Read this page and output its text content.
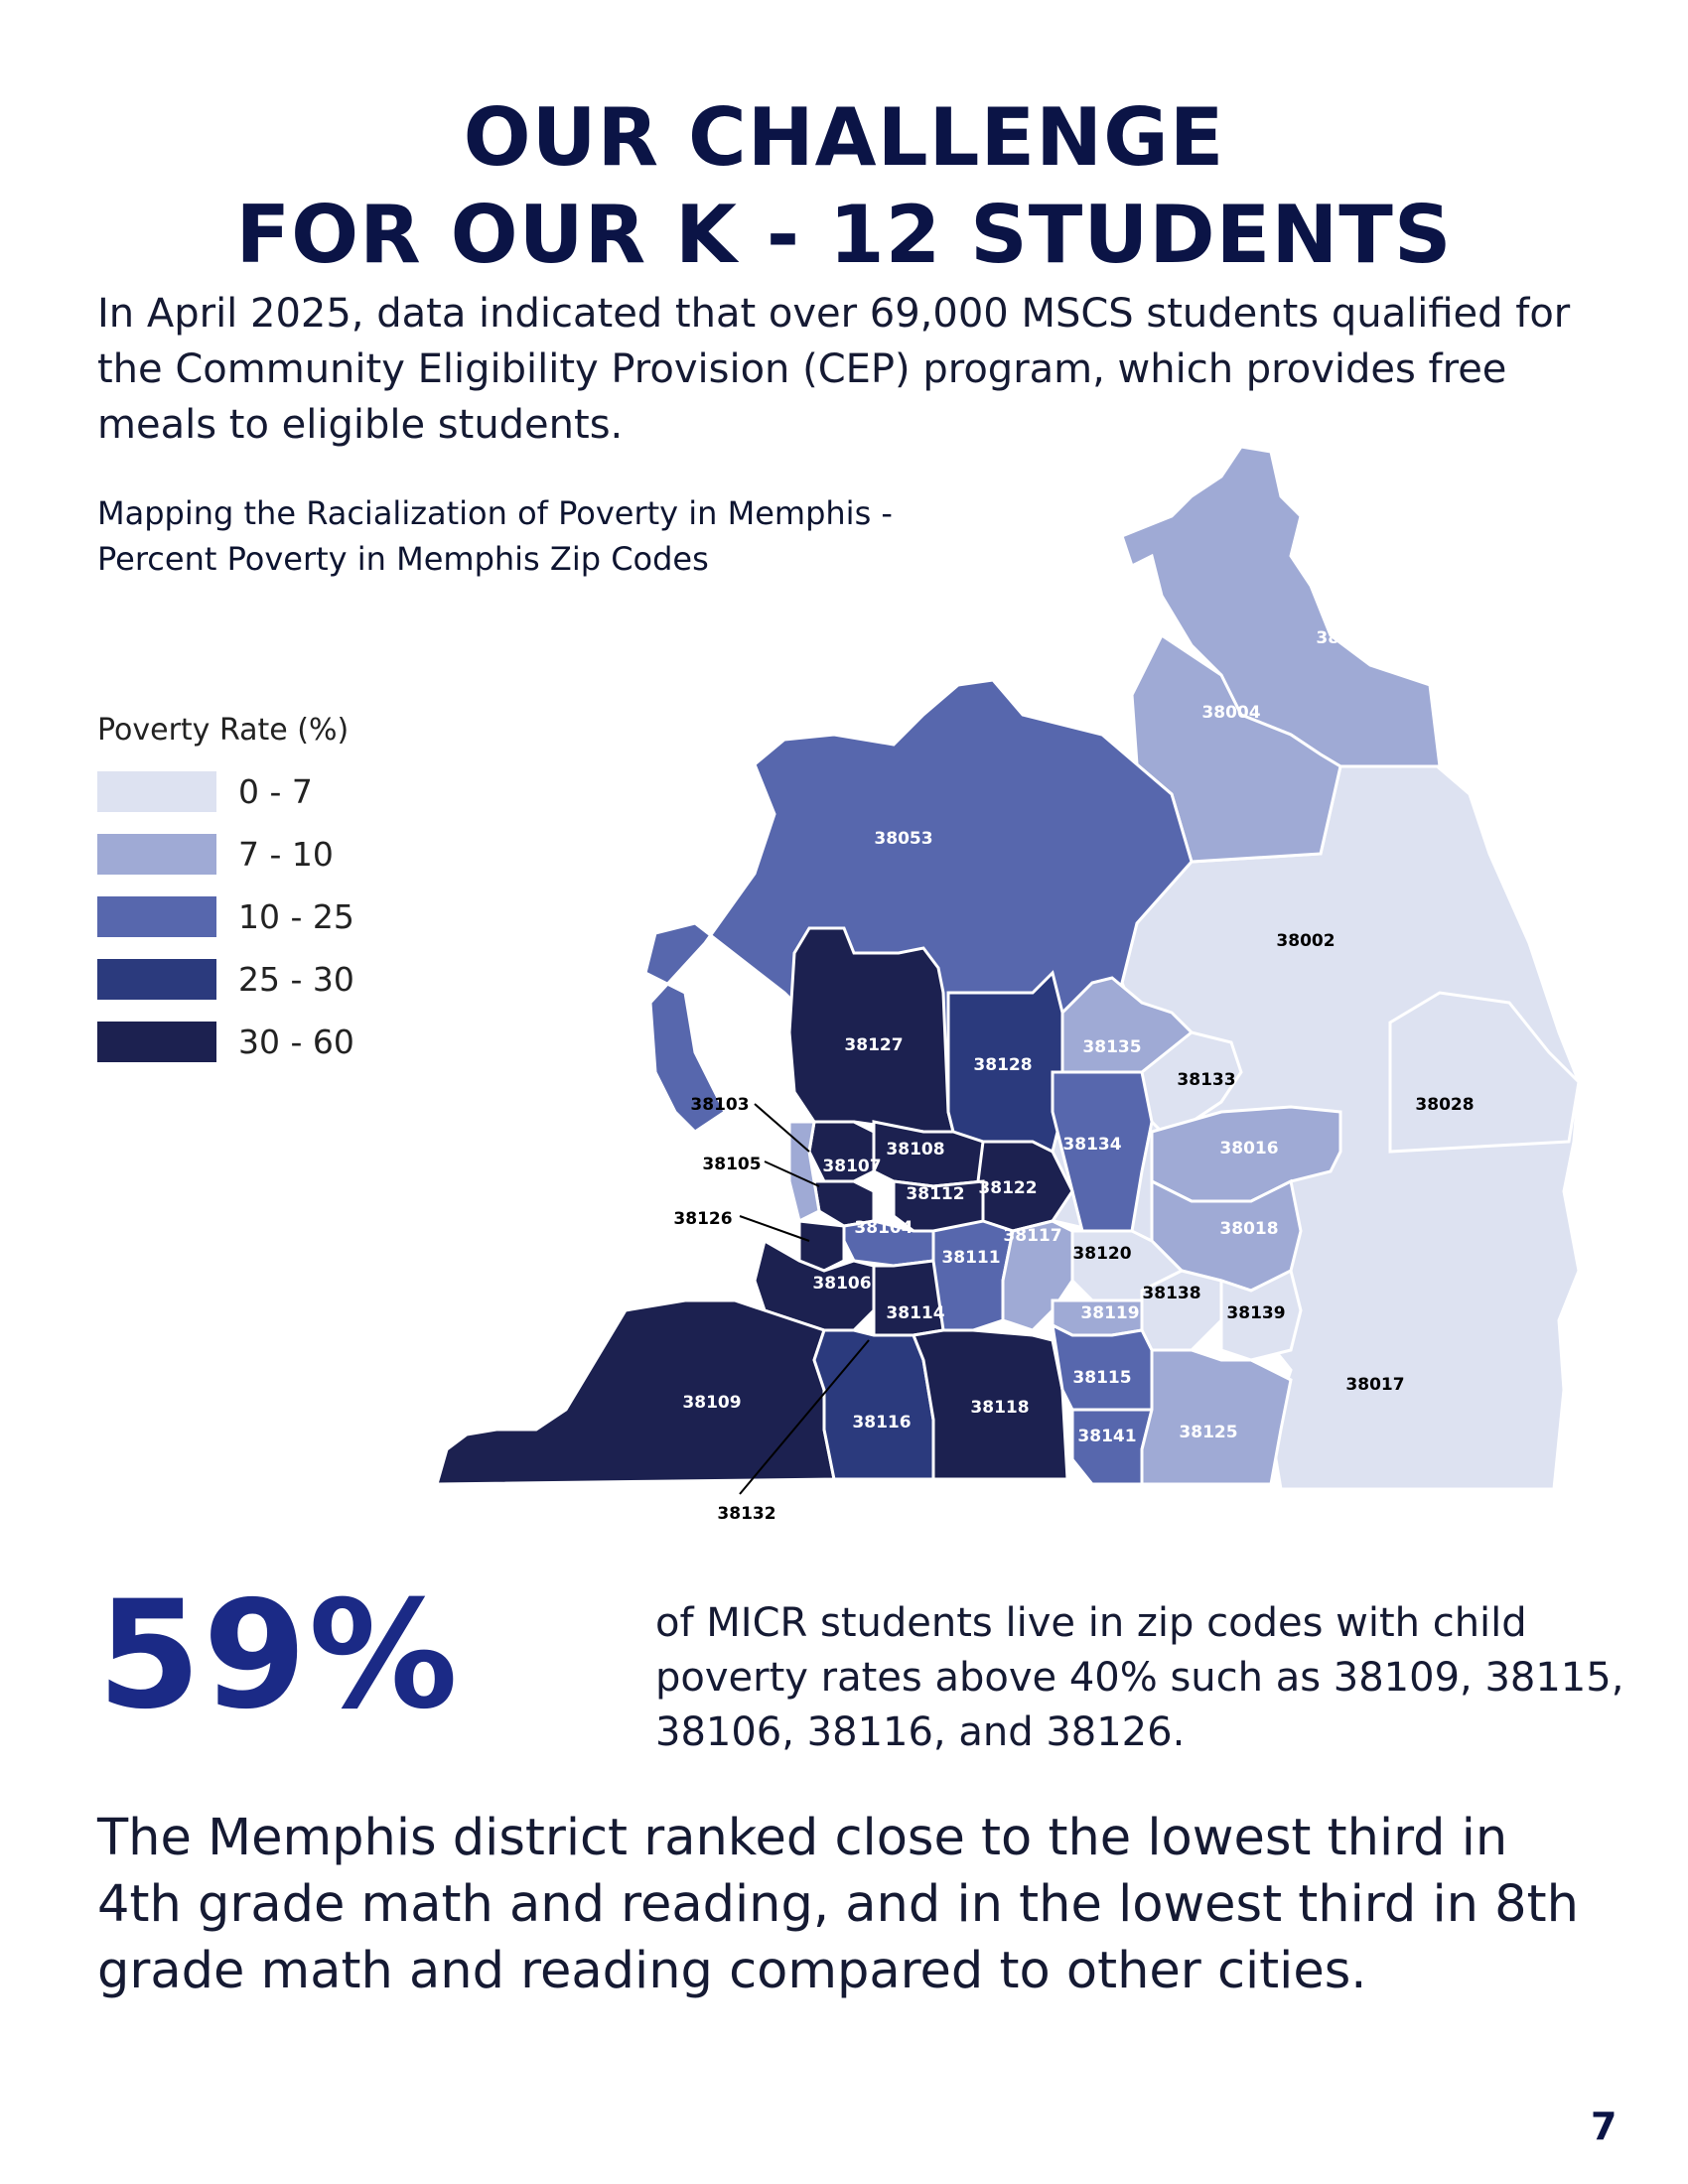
OUR CHALLENGE
FOR OUR K - 12 STUDENTS
In April 2025, data indicated that over 69,000 MSCS students qualified for the Community Eligibility Provision (CEP) program, which provides free meals to eligible students.
Mapping the Racialization of Poverty in Memphis -
Percent Poverty in Memphis Zip Codes
Poverty Rate (%)
0 - 7
7 - 10
10 - 25
25 - 30
30 - 60
38011
38004
38053
38002
38127
38128
38135
38133
38028
38103
38105	38107
38108	38134	38016
38112 38122
38126	38104	38117	38018
38111	38120
38106	38138
38114	38119	38139
38017
38109
38115
38118
38116
38141	38125
38132
59%	of MICR students live in zip codes with child poverty rates above 40% such as 38109, 38115, 38106, 38116, and 38126.
The Memphis district ranked close to the lowest third in 4th grade math and reading, and in the lowest third in 8th grade math and reading compared to other cities.
7
